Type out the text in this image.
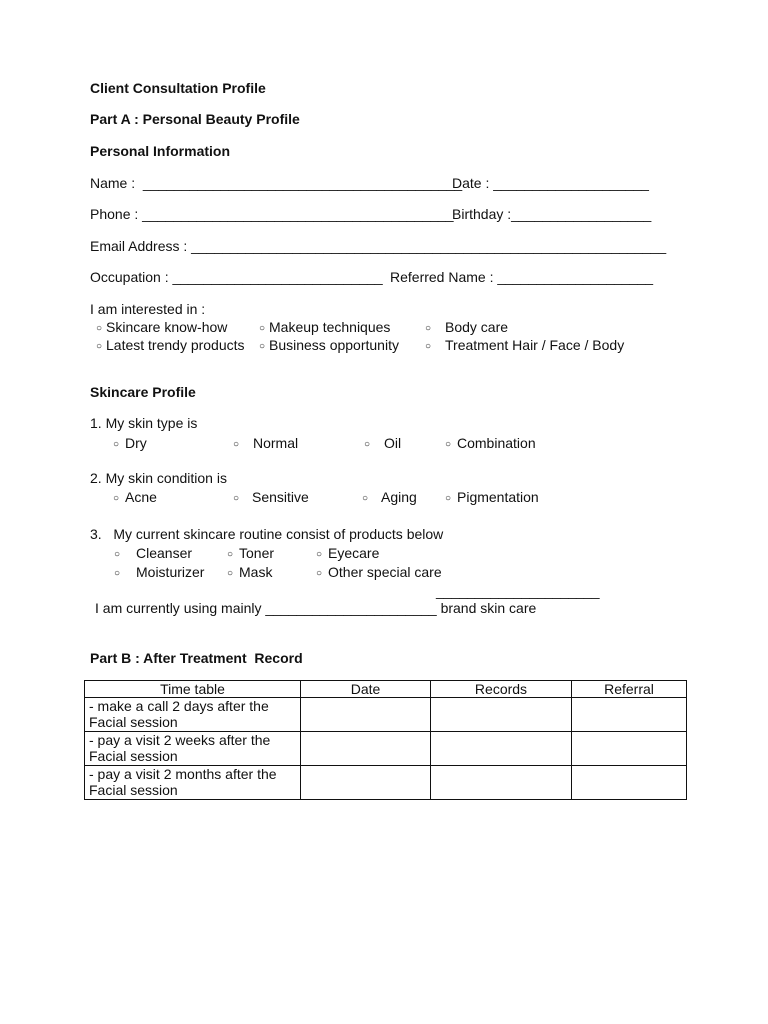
Client Consultation Profile
Part A : Personal Beauty Profile
Personal Information
Name :  _________________________________________
Date : ____________________
Phone : ________________________________________
Birthday :__________________
Email Address : _____________________________________________________________
Occupation : ___________________________ Referred Name : ____________________
I am interested in :
○ Skincare know-how	○ Makeup techniques	○ Body care
○ Latest trendy products ○ Business opportunity	○ Treatment Hair / Face / Body
Skincare Profile
1. My skin type is
○ Dry	○ Normal	○ Oil	○ Combination
2. My skin condition is
○ Acne	○ Sensitive	○ Aging	○ Pigmentation
3.   My current skincare routine consist of products below
○ Cleanser	○ Toner	○ Eyecare
○ Moisturizer ○ Mask	○ Other special care
_____________________
I am currently using mainly ______________________ brand skin care
Part B : After Treatment  Record
Time table	Date	Records	Referral
- make a call 2 days after the
Facial session			
- pay a visit 2 weeks after the
Facial session			
- pay a visit 2 months after the
Facial session			
